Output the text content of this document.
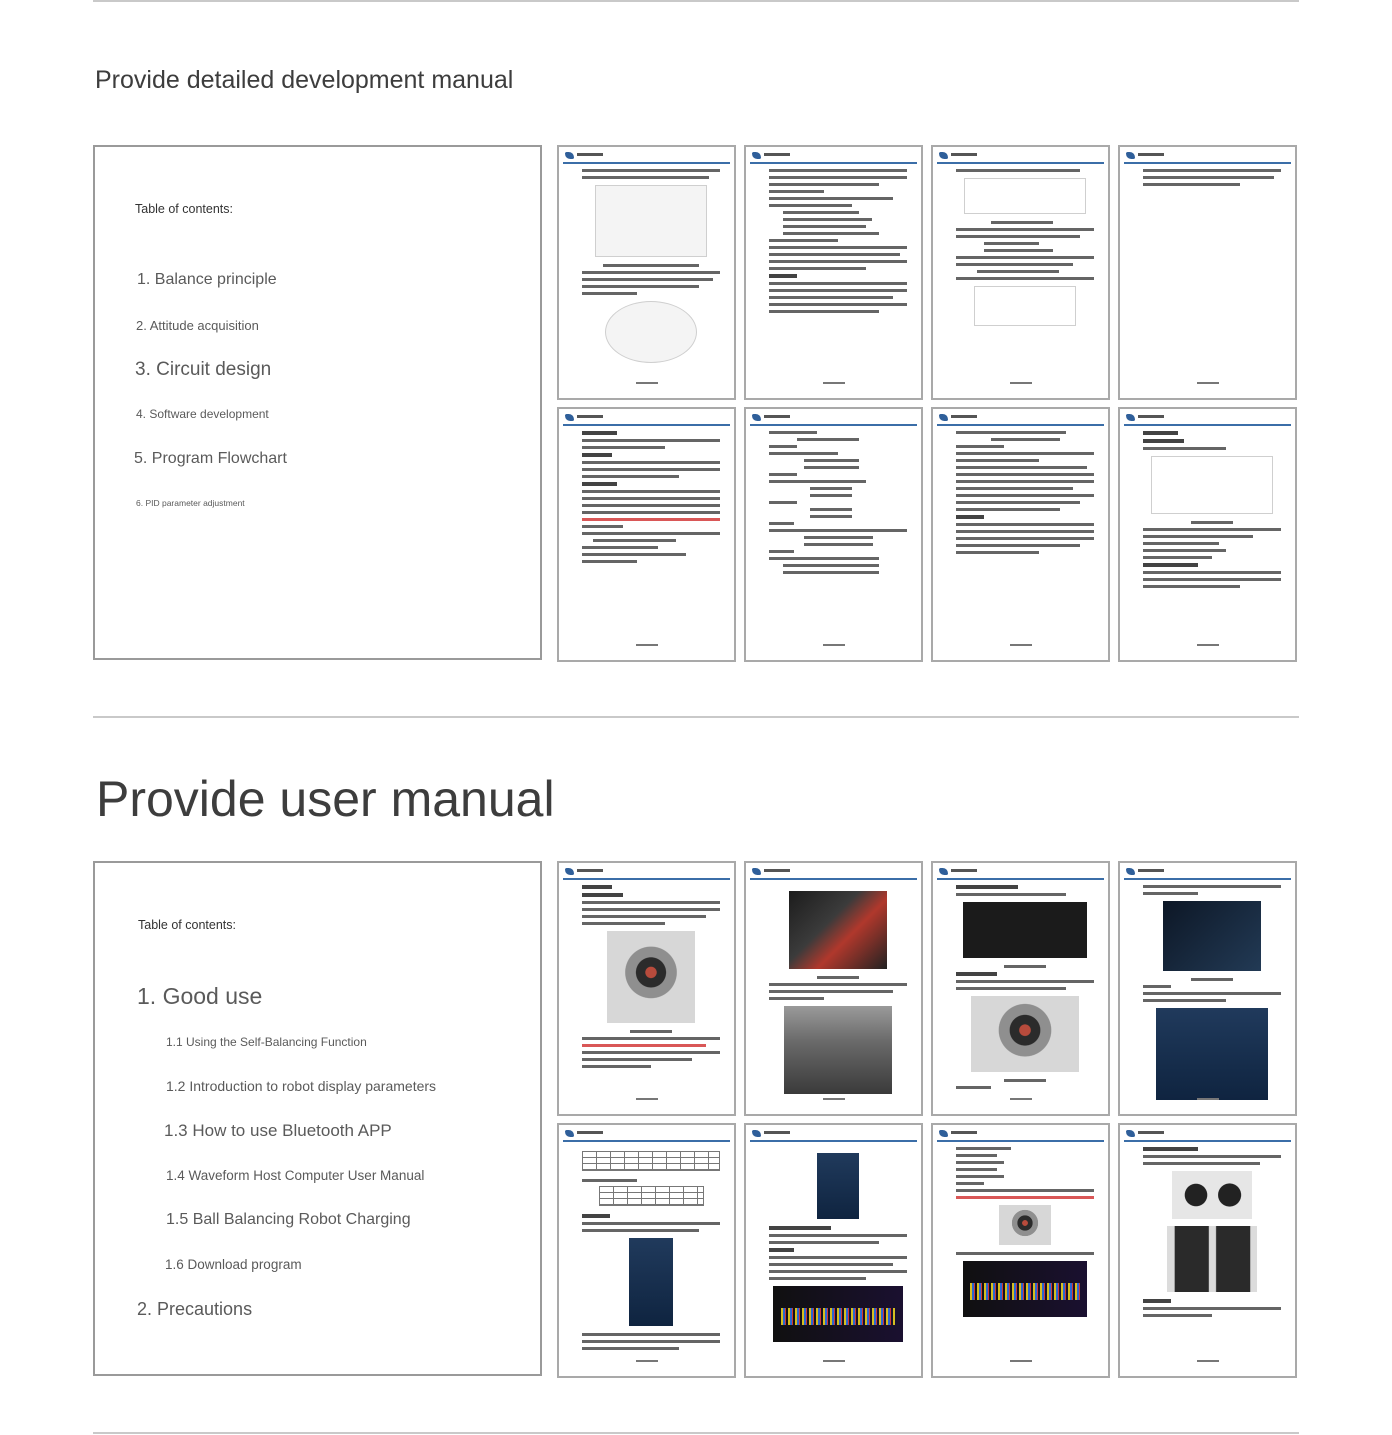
Provide detailed development manual
Table of contents:
1. Balance principle
2. Attitude acquisition
3. Circuit design
4. Software development
5. Program Flowchart
6. PID parameter adjustment
Provide user manual
Table of contents:
1. Good use
1.1 Using the Self-Balancing Function
1.2 Introduction to robot display parameters
1.3 How to use Bluetooth APP
1.4 Waveform Host Computer User Manual
1.5 Ball Balancing Robot Charging
1.6 Download program
2. Precautions
